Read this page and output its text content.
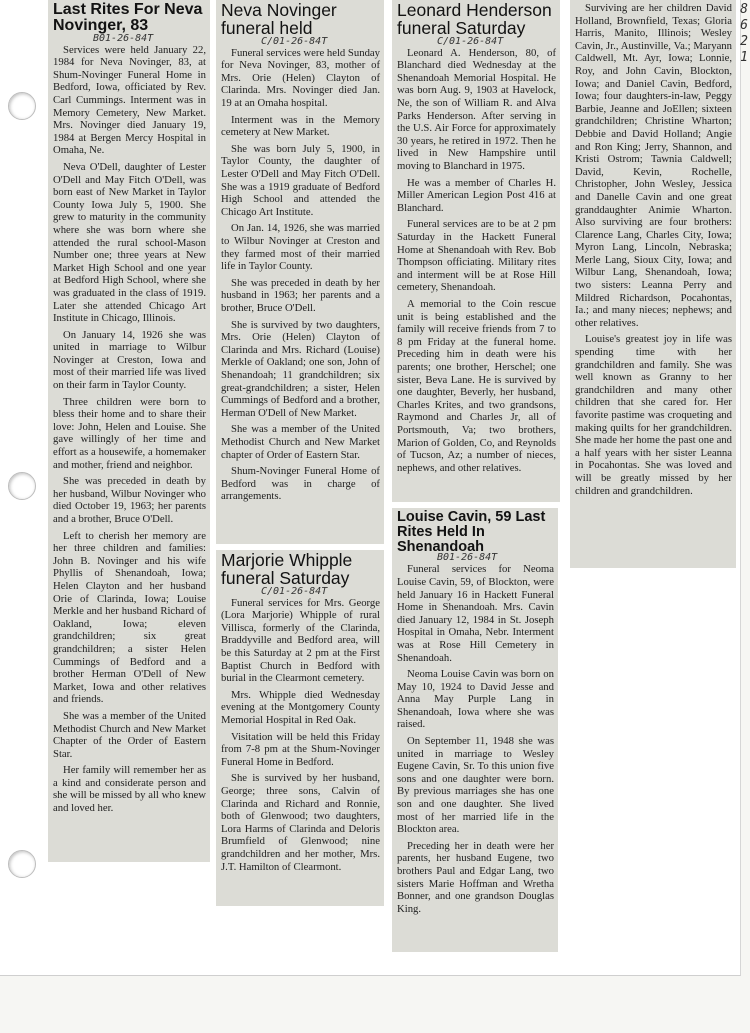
8
6
2
1
Last Rites For Neva Novinger, 83
B01-26-84T

Services were held January 22, 1984 for Neva Novinger, 83, at Shum-Novinger Funeral Home in Bedford, Iowa, officiated by Rev. Carl Cummings. Interment was in Memory Cemetery, New Market. Mrs. Novinger died January 19, 1984 at Bergen Mercy Hospital in Omaha, Ne.

Neva O'Dell, daughter of Lester O'Dell and May Fitch O'Dell, was born east of New Market in Taylor County Iowa July 5, 1900. She grew to maturity in the community where she was born where she attended the rural school-Mason Number one; three years at New Market High School and one year at Bedford High School, where she was graduated in the class of 1919. Later she attended Chicago Art Institute in Chicago, Illinois.

On January 14, 1926 she was united in marriage to Wilbur Novinger at Creston, Iowa and most of their married life was lived on their farm in Taylor County.

Three children were born to bless their home and to share their love: John, Helen and Louise. She gave willingly of her time and effort as a housewife, a homemaker and mother, friend and neighbor.

She was preceded in death by her husband, Wilbur Novinger who died October 19, 1963; her parents and a brother, Bruce O'Dell.

Left to cherish her memory are her three children and families: John B. Novinger and his wife Phyllis of Shenandoah, Iowa; Helen Clayton and her husband Orie of Clarinda, Iowa; Louise Merkle and her husband Richard of Oakland, Iowa; eleven grandchildren; six great grandchildren; a sister Helen Cummings of Bedford and a brother Herman O'Dell of New Market, Iowa and other relatives and friends.

She was a member of the United Methodist Church and New Market Chapter of the Order of Eastern Star.

Her family will remember her as a kind and considerate person and she will be missed by all who knew and loved her.

Neva Novinger funeral held
C/01-26-84T

Funeral services were held Sunday for Neva Novinger, 83, mother of Mrs. Orie (Helen) Clayton of Clarinda. Mrs. Novinger died Jan. 19 at an Omaha hospital.

Interment was in the Memory cemetery at New Market.

She was born July 5, 1900, in Taylor County, the daughter of Lester O'Dell and May Fitch O'Dell. She was a 1919 graduate of Bedford High School and attended the Chicago Art Institute.

On Jan. 14, 1926, she was married to Wilbur Novinger at Creston and they farmed most of their married life in Taylor County.

She was preceded in death by her husband in 1963; her parents and a brother, Bruce O'Dell.

She is survived by two daughters, Mrs. Orie (Helen) Clayton of Clarinda and Mrs. Richard (Louise) Merkle of Oakland; one son, John of Shenandoah; 11 grandchildren; six great-grandchildren; a sister, Helen Cummings of Bedford and a brother, Herman O'Dell of New Market.

She was a member of the United Methodist Church and New Market chapter of Order of Eastern Star.

Shum-Novinger Funeral Home of Bedford was in charge of arrangements.

Marjorie Whipple funeral Saturday
C/01-26-84T

Funeral services for Mrs. George (Lora Marjorie) Whipple of rural Villisca, formerly of the Clarinda, Braddyville and Bedford area, will be this Saturday at 2 pm at the First Baptist Church in Bedford with burial in the Clearmont cemetery.

Mrs. Whipple died Wednesday evening at the Montgomery County Memorial Hospital in Red Oak.

Visitation will be held this Friday from 7-8 pm at the Shum-Novinger Funeral Home in Bedford.

She is survived by her husband, George; three sons, Calvin of Clarinda and Richard and Ronnie, both of Glenwood; two daughters, Lora Harms of Clarinda and Deloris Brumfield of Glenwood; nine grandchildren and her mother, Mrs. J.T. Hamilton of Clearmont.

Leonard Henderson funeral Saturday
C/01-26-84T

Leonard A. Henderson, 80, of Blanchard died Wednesday at the Shenandoah Memorial Hospital. He was born Aug. 9, 1903 at Havelock, Ne, the son of William R. and Alva Parks Henderson. After serving in the U.S. Air Force for approximately 30 years, he retired in 1972. Then he lived in New Hampshire until moving to Blanchard in 1975.

He was a member of Charles H. Miller American Legion Post 416 at Blanchard.

Funeral services are to be at 2 pm Saturday in the Hackett Funeral Home at Shenandoah with Rev. Bob Thompson officiating. Military rites and interment will be at Rose Hill cemetery, Shenandoah.

A memorial to the Coin rescue unit is being established and the family will receive friends from 7 to 8 pm Friday at the funeral home. Preceding him in death were his parents; one brother, Herschel; one sister, Beva Lane. He is survived by one daughter, Beverly, her husband, Charles Krites, and two grandsons, Raymond and Charles Jr, all of Portsmouth, Va; two brothers, Marion of Golden, Co, and Reynolds of Tucson, Az; a number of nieces, nephews, and other relatives.

Louise Cavin, 59 Last Rites Held In Shenandoah
B01-26-84T

Funeral services for Neoma Louise Cavin, 59, of Blockton, were held January 16 in Hackett Funeral Home in Shenandoah. Mrs. Cavin died January 12, 1984 in St. Joseph Hospital in Omaha, Nebr. Interment was at Rose Hill Cemetery in Shenandoah.

Neoma Louise Cavin was born on May 10, 1924 to David Jesse and Anna May Purple Lang in Shenandoah, Iowa where she was raised.

On September 11, 1948 she was united in marriage to Wesley Eugene Cavin, Sr. To this union five sons and one daughter were born. By previous marriages she has one son and one daughter. She lived most of her married life in the Blockton area.

Preceding her in death were her parents, her husband Eugene, two brothers Paul and Edgar Lang, two sisters Marie Hoffman and Wretha Bonner, and one grandson Douglas King.

Surviving are her children David Holland, Brownfield, Texas; Gloria Harris, Manito, Illinois; Wesley Cavin, Jr., Austinville, Va.; Maryann Caldwell, Mt. Ayr, Iowa; Lonnie, Roy, and John Cavin, Blockton, Iowa; and Daniel Cavin, Bedford, Iowa; four daughters-in-law, Peggy Barbie, Jeanne and JoEllen; sixteen grandchildren; Christine Wharton; Debbie and David Holland; Angie and Ron King; Jerry, Shannon, and Kristi Ostrom; Tawnia Caldwell; David, Kevin, Rochelle, Christopher, John Wesley, Jessica and Danelle Cavin and one great granddaughter Animie Wharton. Also surviving are four brothers: Clarence Lang, Charles City, Iowa; Myron Lang, Lincoln, Nebraska; Merle Lang, Sioux City, Iowa; and Wilbur Lang, Shenandoah, Iowa; two sisters: Leanna Perry and Mildred Richardson, Pocahontas, Ia.; and many nieces; nephews; and other relatives.

Louise's greatest joy in life was spending time with her grandchildren and family. She was well known as Granny to her grandchildren and many other children that she cared for. Her favorite pastime was croqueting and making quilts for her grandchildren. She made her home the past one and a half years with her sister Leanna in Pocahontas. She was loved and will be greatly missed by her children and grandchildren.
